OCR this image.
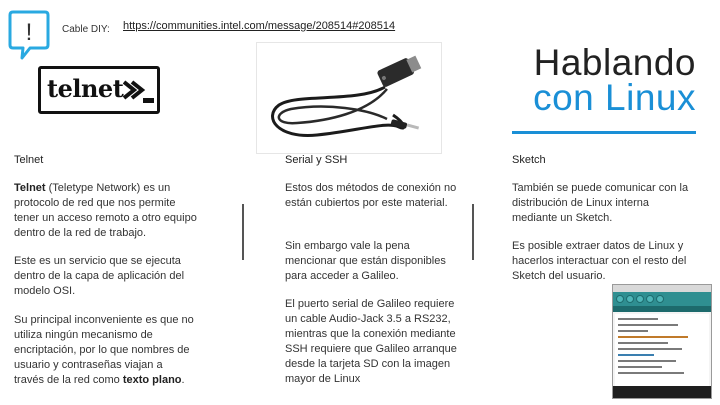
!	Cable DIY: https://communities.intel.com/message/208514#208514
telnet
Hablando
con Linux
Telnet	Serial y SSH	Sketch
Telnet (Teletype Network) es un protocolo de red que nos permite tener un acceso remoto a otro equipo dentro de la red de trabajo.
Este es un servicio que se ejecuta dentro de la capa de aplicación del modelo OSI.
Su principal inconveniente es que no utiliza ningún mecanismo de encriptación, por lo que nombres de usuario y contraseñas viajan a través de la red como texto plano.
Estos dos métodos de conexión no están cubiertos por este material.
Sin embargo vale la pena mencionar que están disponibles para acceder a Galileo.
El puerto serial de Galileo requiere un cable Audio-Jack 3.5 a RS232, mientras que la conexión mediante SSH requiere que Galileo arranque desde la tarjeta SD con la imagen mayor de Linux
También se puede comunicar con la distribución de Linux interna mediante un Sketch.
Es posible extraer datos de Linux y hacerlos interactuar con el resto del Sketch del usuario.
